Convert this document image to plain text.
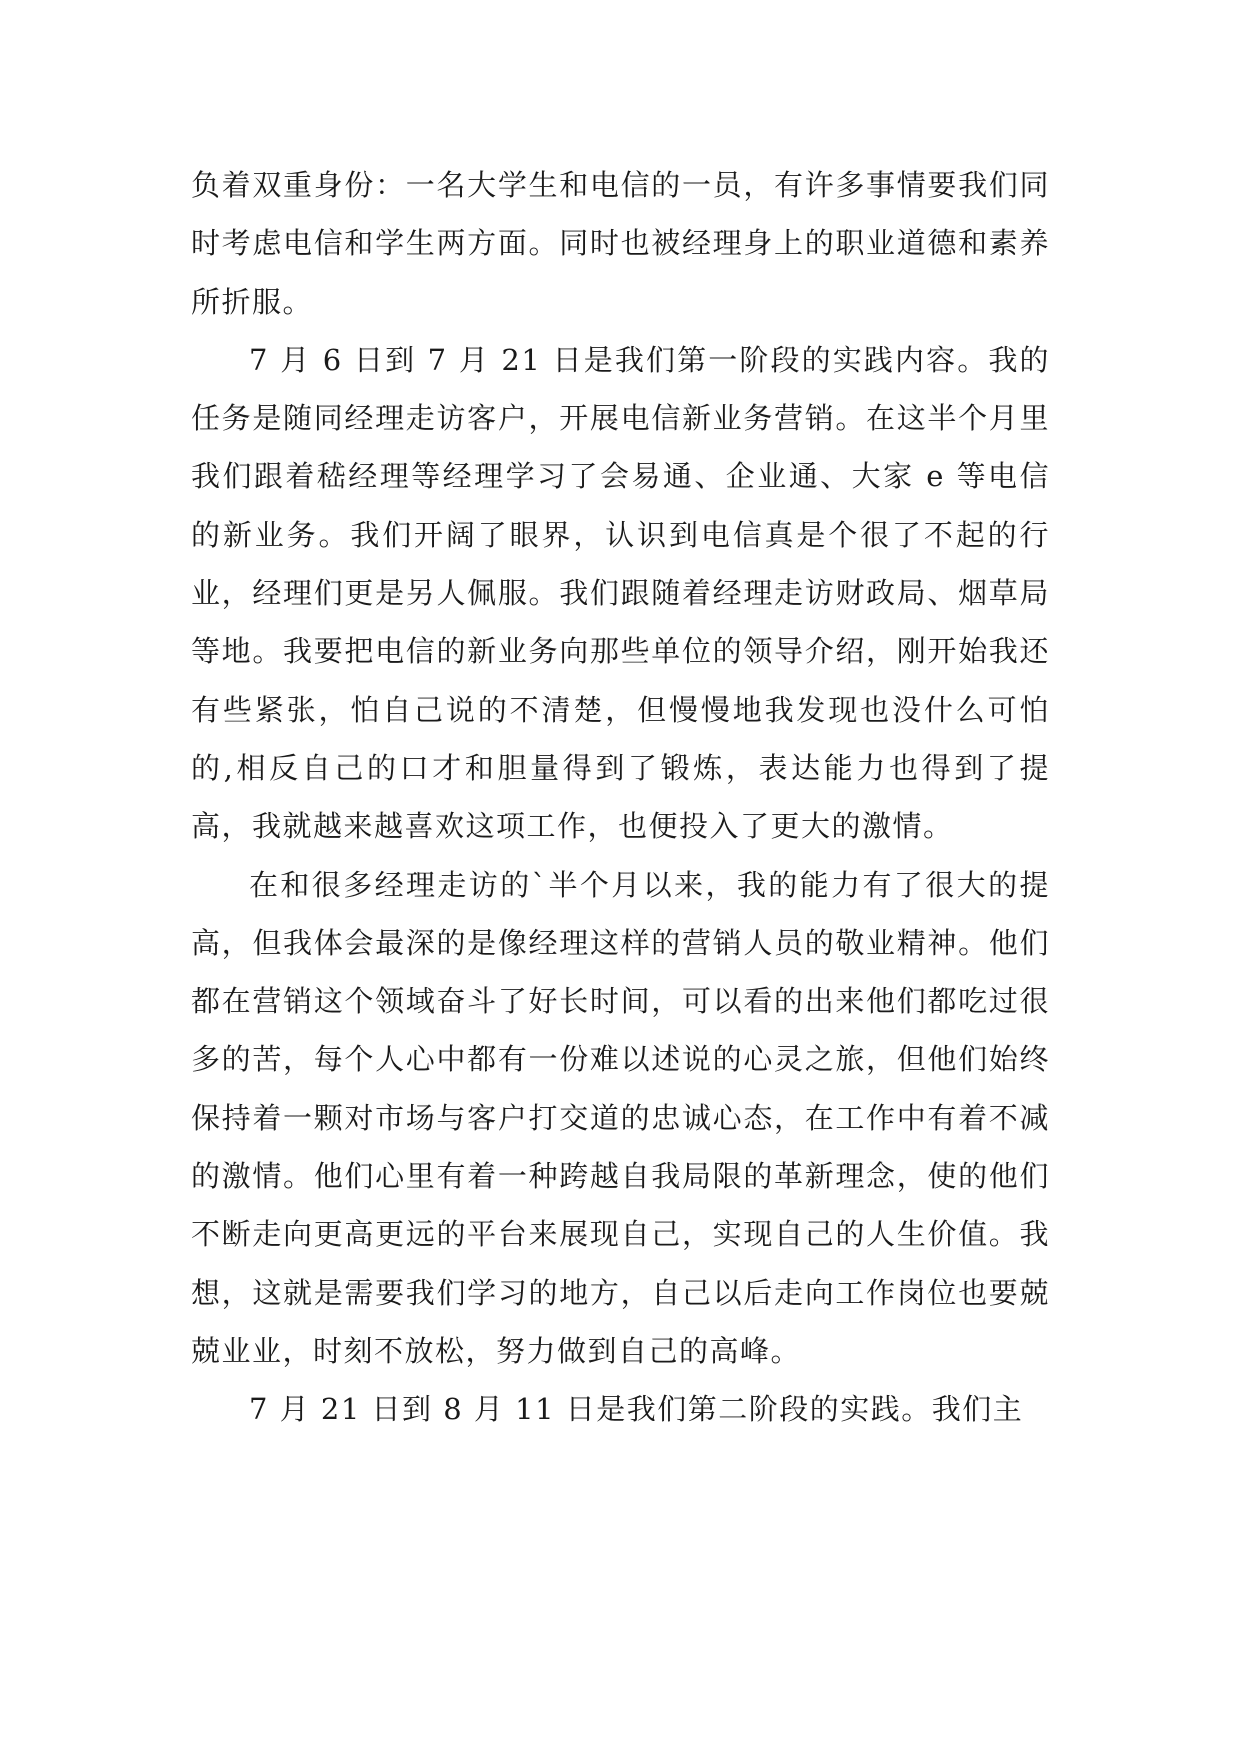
负着双重身份：一名大学生和电信的一员，有许多事情要我们同时考虑电信和学生两方面。同时也被经理身上的职业道德和素养所折服。

7 月 6 日到 7 月 21 日是我们第一阶段的实践内容。我的任务是随同经理走访客户，开展电信新业务营销。在这半个月里我们跟着嵇经理等经理学习了会易通、企业通、大家 e 等电信的新业务。我们开阔了眼界，认识到电信真是个很了不起的行业，经理们更是另人佩服。我们跟随着经理走访财政局、烟草局等地。我要把电信的新业务向那些单位的领导介绍，刚开始我还有些紧张，怕自己说的不清楚，但慢慢地我发现也没什么可怕的,相反自己的口才和胆量得到了锻炼，表达能力也得到了提高，我就越来越喜欢这项工作，也便投入了更大的激情。

在和很多经理走访的`半个月以来，我的能力有了很大的提高，但我体会最深的是像经理这样的营销人员的敬业精神。他们都在营销这个领域奋斗了好长时间，可以看的出来他们都吃过很多的苦，每个人心中都有一份难以述说的心灵之旅，但他们始终保持着一颗对市场与客户打交道的忠诚心态，在工作中有着不减的激情。他们心里有着一种跨越自我局限的革新理念，使的他们不断走向更高更远的平台来展现自己，实现自己的人生价值。我想，这就是需要我们学习的地方，自己以后走向工作岗位也要兢兢业业，时刻不放松，努力做到自己的高峰。

7 月 21 日到 8 月 11 日是我们第二阶段的实践。我们主
